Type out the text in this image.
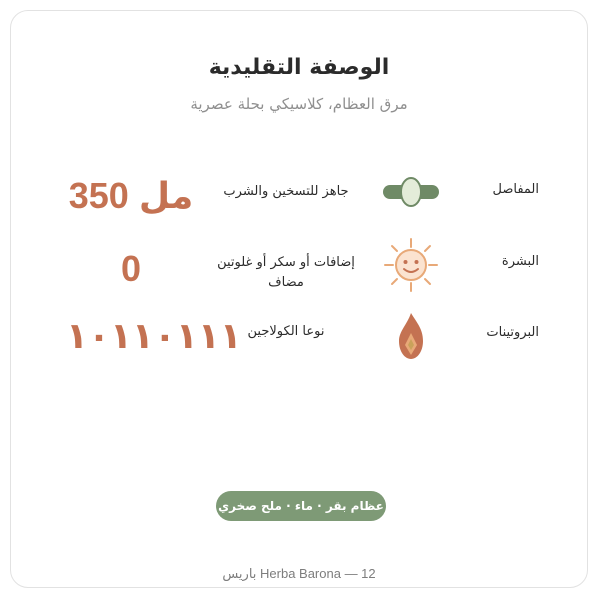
الوصفة التقليدية
مرق العظام، كلاسيكي بحلة عصرية
المفاصل
جاهز للتسخين والشرب
350 مل
البشرة
إضافات أو سكر أو غلوتين مضاف
0
البروتينات
نوعا الكولاجين
١٠١١٠١١١
عظام بقر · ماء · ملح صخري
Herba Barona — 12 باريس
